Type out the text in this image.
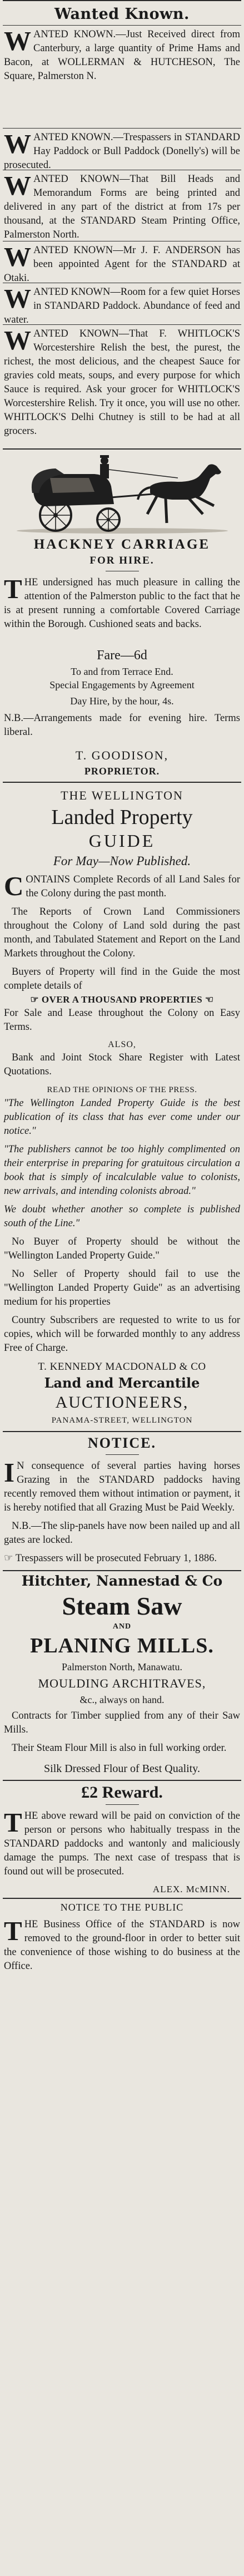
Wanted Known.
W ANTED KNOWN.—Just Received direct from Canterbury, a large quantity of Prime Hams and Bacon, at WOLLERMAN & HUTCHESON, The Square, Palmerston N.

W ANTED KNOWN.—Trespassers in STANDARD Hay Paddock or Bull Paddock (Donelly's) will be prosecuted.

W ANTED KNOWN—That Bill Heads and Memorandum Forms are being printed and delivered in any part of the district at from 17s per thousand, at the STANDARD Steam Printing Office, Palmerston North.

W ANTED KNOWN—Mr J. F. ANDERSON has been appointed Agent for the STANDARD at Otaki.

W ANTED KNOWN—Room for a few quiet Horses in STANDARD Paddock. Abundance of feed and water.

W ANTED KNOWN—That F. WHITLOCK'S Worcestershire Relish the best, the purest, the richest, the most delicious, and the cheapest Sauce for gravies cold meats, soups, and every purpose for which Sauce is required. Ask your grocer for WHITLOCK'S Worcestershire Relish. Try it once, you will use no other. WHITLOCK'S Delhi Chutney is still to be had at all grocers.

HACKNEY CARRIAGE
FOR HIRE.
T HE undersigned has much pleasure in calling the attention of the Palmerston public to the fact that he is at present running a comfortable Covered Carriage within the Borough. Cushioned seats and backs.

Fare—6d
To and from Terrace End.
Special Engagements by Agreement
Day Hire, by the hour, 4s.
N.B.—Arrangements made for evening hire. Terms liberal.
T. GOODISON,
PROPRIETOR.
THE WELLINGTON
Landed Property
GUIDE
For May—Now Published.
C ONTAINS Complete Records of all Land Sales for the Colony during the past month.

The Reports of Crown Land Commissioners throughout the Colony of Land sold during the past month, and Tabulated Statement and Report on the Land Markets throughout the Colony.
Buyers of Property will find in the Guide the most complete details of
☞ OVER A THOUSAND PROPERTIES ☜
For Sale and Lease throughout the Colony on Easy Terms.
ALSO,
Bank and Joint Stock Share Register with Latest Quotations.
READ THE OPINIONS OF THE PRESS.
"The Wellington Landed Property Guide is the best publication of its class that has ever come under our notice."
"The publishers cannot be too highly complimented on their enterprise in preparing for gratuitous circulation a book that is simply of incalculable value to colonists, new arrivals, and intending colonists abroad."
We doubt whether another so complete is published south of the Line."
No Buyer of Property should be without the "Wellington Landed Property Guide."
No Seller of Property should fail to use the "Wellington Landed Property Guide" as an advertising medium for his properties
Country Subscribers are requested to write to us for copies, which will be forwarded monthly to any address Free of Charge.
T. KENNEDY MACDONALD & CO
Land and Mercantile
AUCTIONEERS,
PANAMA-STREET, WELLINGTON
NOTICE.
I N consequence of several parties having horses Grazing in the STANDARD paddocks having recently removed them without intimation or payment, it is hereby notified that all Grazing Must be Paid Weekly.

N.B.—The slip-panels have now been nailed up and all gates are locked.
☞ Trespassers will be prosecuted February 1, 1886.
Hitchter, Nannestad & Co
Steam Saw
AND
PLANING MILLS.
Palmerston North, Manawatu.
MOULDING ARCHITRAVES,
&c., always on hand.
Contracts for Timber supplied from any of their Saw Mills.
Their Steam Flour Mill is also in full working order.
Silk Dressed Flour of Best Quality.
£2 Reward.
T HE above reward will be paid on conviction of the person or persons who habitually trespass in the STANDARD paddocks and wantonly and maliciously damage the pumps. The next case of trespass that is found out will be prosecuted.

ALEX. McMINN.
NOTICE TO THE PUBLIC
T HE Business Office of the STANDARD is now removed to the ground-floor in order to better suit the convenience of those wishing to do business at the Office.
